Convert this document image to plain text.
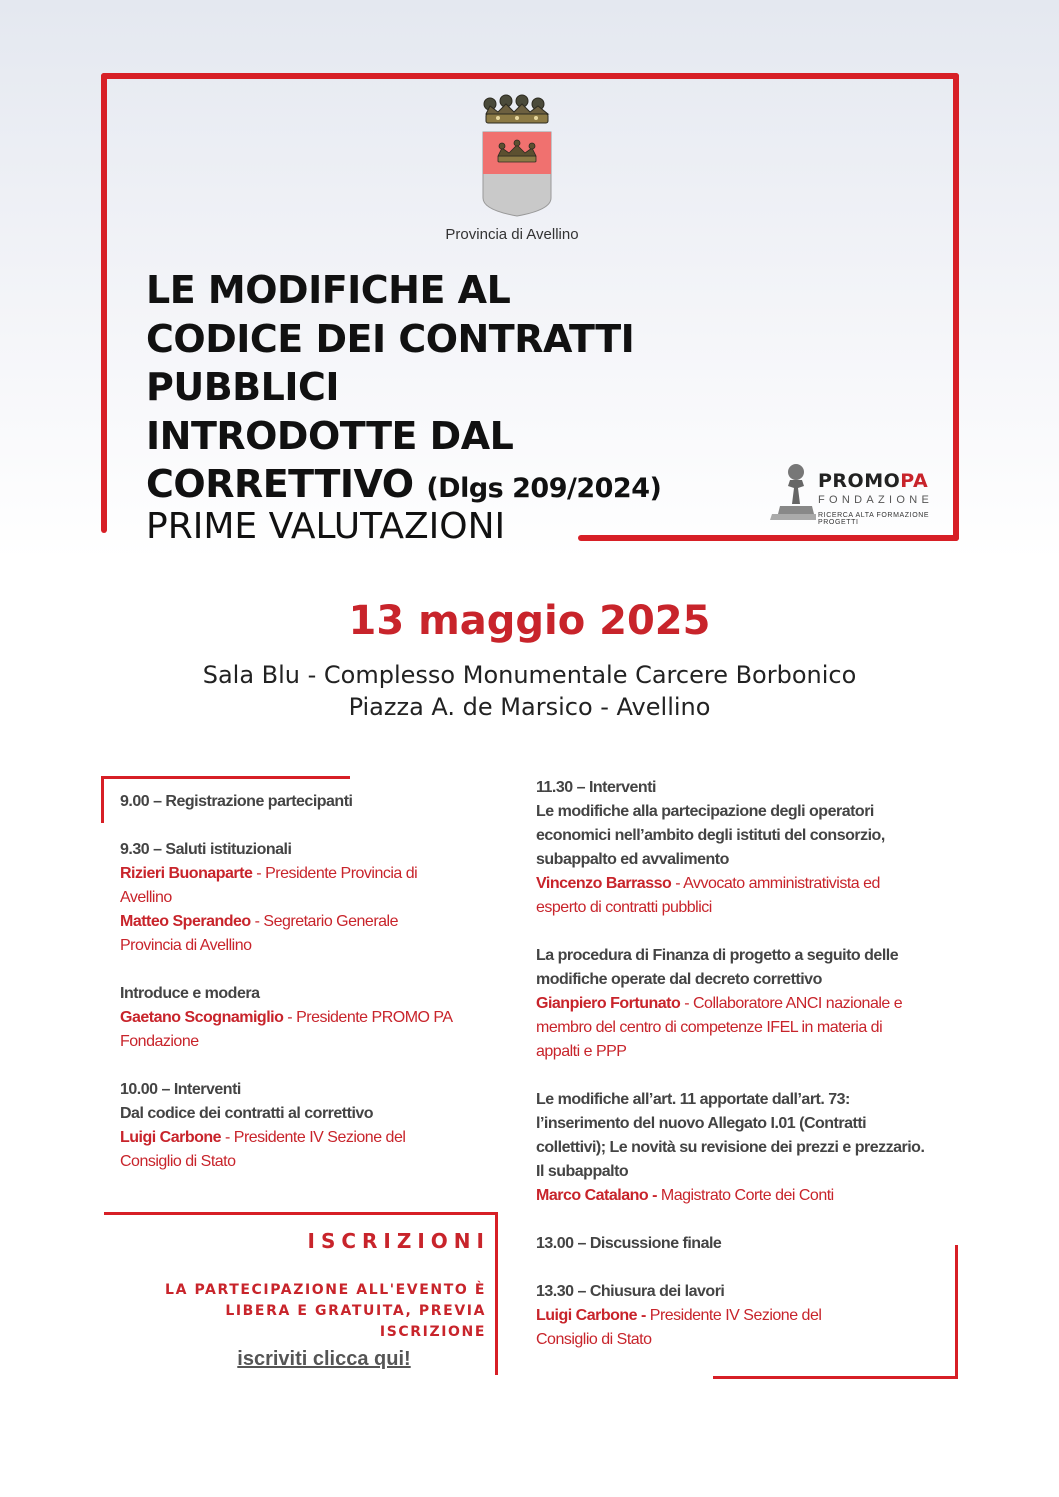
Provincia di Avellino
LE MODIFICHE AL
CODICE DEI CONTRATTI
PUBBLICI
INTRODOTTE DAL
CORRETTIVO (Dlgs 209/2024)
PRIME VALUTAZIONI
PROMOPA
FONDAZIONE
RICERCA ALTA FORMAZIONE PROGETTI
13 maggio 2025
Sala Blu - Complesso Monumentale Carcere Borbonico
Piazza A. de Marsico - Avellino

9.00 – Registrazione partecipanti

9.30 – Saluti istituzionali

Rizieri Buonaparte - Presidente Provincia di

Avellino

Matteo Sperandeo - Segretario Generale

Provincia di Avellino

Introduce e modera

Gaetano Scognamiglio - Presidente PROMO PA

Fondazione

10.00 – Interventi

Dal codice dei contratti al correttivo

Luigi Carbone - Presidente IV Sezione del

Consiglio di Stato

11.30 – Interventi

Le modifiche alla partecipazione degli operatori

economici nell’ambito degli istituti del consorzio,

subappalto ed avvalimento

Vincenzo Barrasso - Avvocato amministrativista ed

esperto di contratti pubblici

La procedura di Finanza di progetto a seguito delle

modifiche operate dal decreto correttivo

Gianpiero Fortunato - Collaboratore ANCI nazionale e

membro del centro di competenze IFEL in materia di

appalti e PPP

Le modifiche all’art. 11 apportate dall’art. 73:

l’inserimento del nuovo Allegato I.01 (Contratti

collettivi); Le novità su revisione dei prezzi e prezzario.

Il subappalto

Marco Catalano - Magistrato Corte dei Conti

13.00 – Discussione finale

13.30 – Chiusura dei lavori

Luigi Carbone - Presidente IV Sezione del

Consiglio di Stato

ISCRIZIONI
LA PARTECIPAZIONE ALL'EVENTO È
LIBERA E GRATUITA, PREVIA
ISCRIZIONE
iscriviti clicca qui!
